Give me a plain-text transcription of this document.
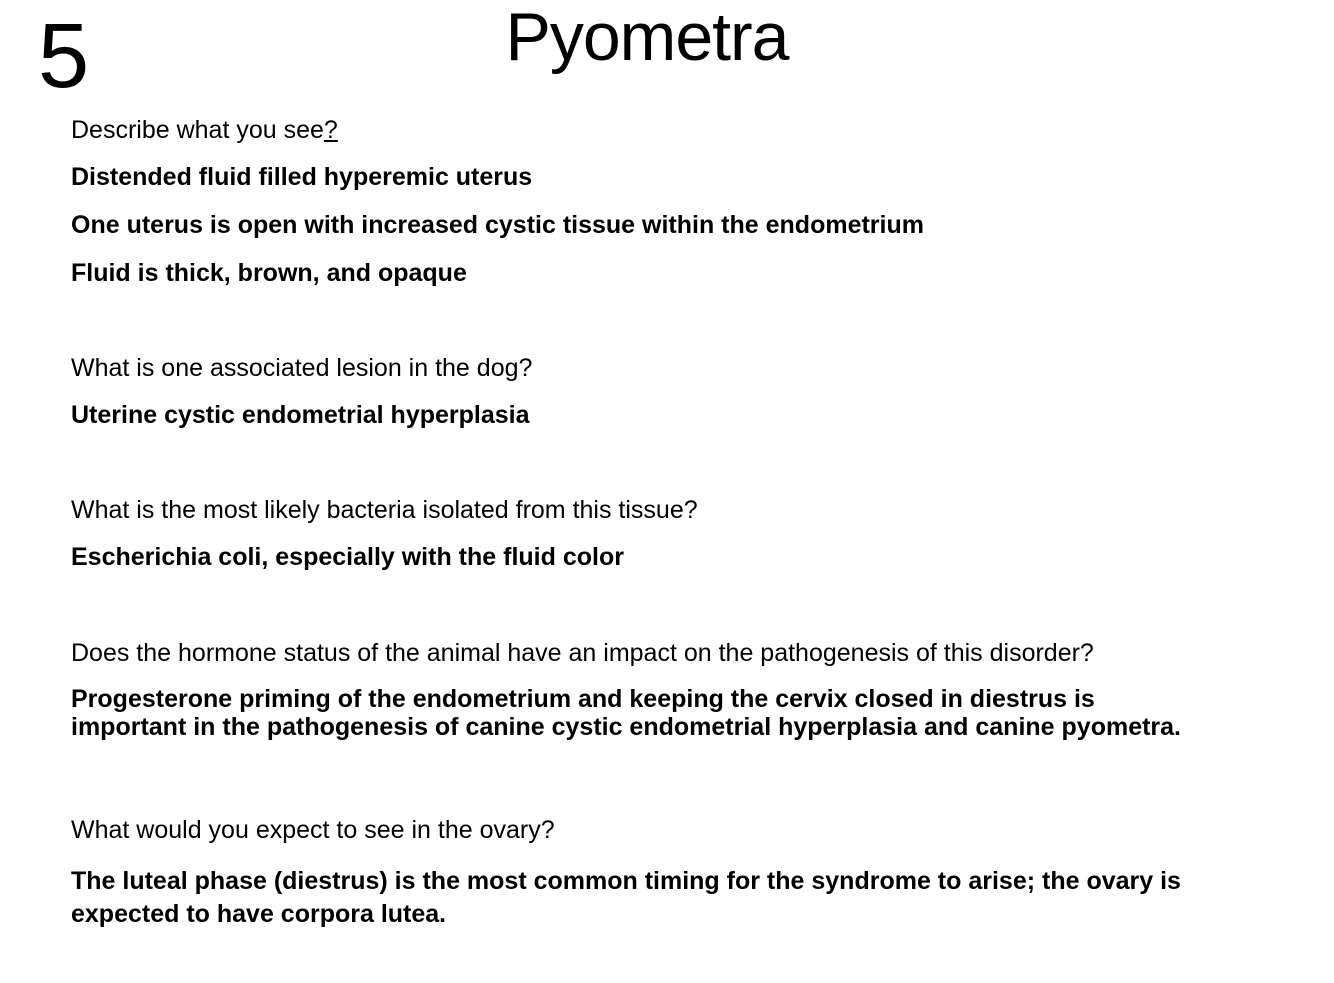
5	Pyometra
Describe what you see?
Distended fluid filled hyperemic uterus
One uterus is open with increased cystic tissue within the endometrium
Fluid is thick, brown, and opaque
What is one associated lesion in the dog?
Uterine cystic endometrial hyperplasia
What is the most likely bacteria isolated from this tissue?
Escherichia coli, especially with the fluid color
Does the hormone status of the animal have an impact on the pathogenesis of this disorder?
Progesterone priming of the endometrium and keeping the cervix closed in diestrus is
important in the pathogenesis of canine cystic endometrial hyperplasia and canine pyometra.
What would you expect to see in the ovary?
The luteal phase (diestrus) is the most common timing for the syndrome to arise; the ovary is
expected to have corpora lutea.
